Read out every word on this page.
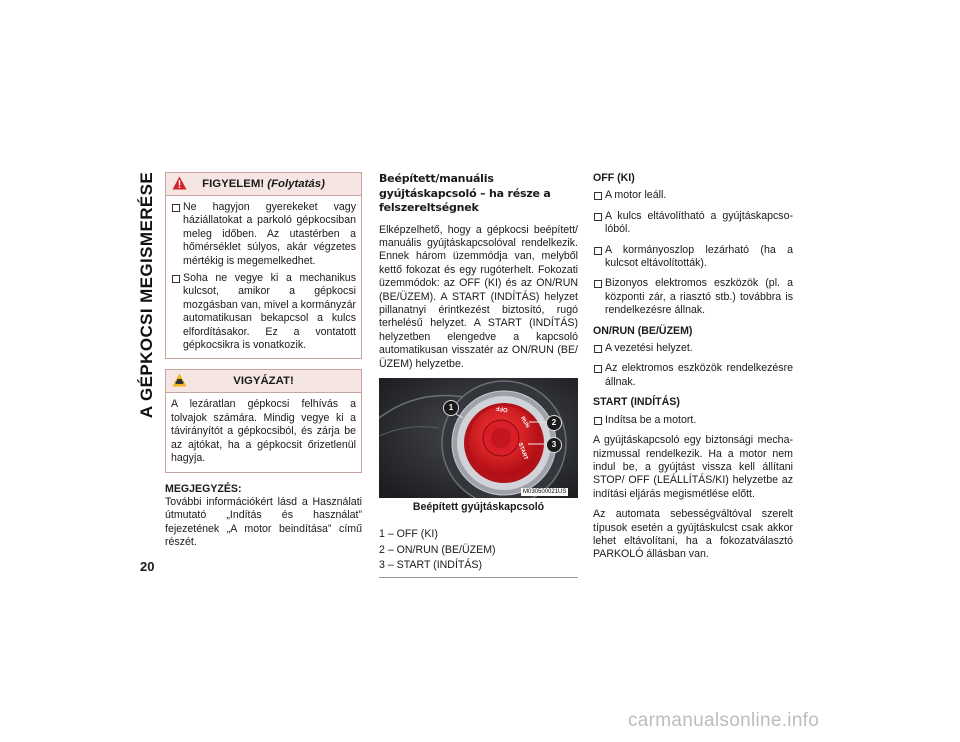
A GÉPKOCSI MEGISMERÉSE
20
FIGYELEM! (Folytatás)
Ne hagyjon gyerekeket vagy háziállatokat a parkoló gépkocsiban meleg időben. Az utastérben a hőmérséklet súlyos, akár végzetes mértékig is megemelkedhet.
Soha ne vegye ki a mechanikus kulcsot, amikor a gépkocsi mozgásban van, mivel a kormányzár automatikusan bekapcsol a kulcs elfordításakor. Ez a vontatott gépkocsikra is vonatkozik.
VIGYÁZAT!

A lezáratlan gépkocsi felhívás a tolvajok számára. Mindig vegye ki a távirányítót a gépkocsiból, és zárja be az ajtókat, ha a gépkocsit őrizetlenül hagyja.

MEGJEGYZÉS:

További információkért lásd a Használati útmutató „Indítás és használat” fejezetének „A motor beindítása” című részét.

Beépített/manuális gyújtáskapcsoló – ha része a felszereltségnek

Elképzelhető, hogy a gépkocsi beépített/ manuális gyújtáskapcsolóval rendelkezik. Ennek három üzemmódja van, melyből kettő fokozat és egy rugóterhelt. Fokozati üzemmódok: az OFF (KI) és az ON/RUN (BE/ÜZEM). A START (INDÍTÁS) helyzet pillanatnyi érintkezést biztosító, rugó terhelésű helyzet. A START (INDÍTÁS) helyzetben elengedve a kapcsoló automatikusan visszatér az ON/RUN (BE/ ÜZEM) helyzetbe.

1
2
3
OFF
RUN
START
M030500021US
Beépített gyújtáskapcsoló
1 – OFF (KI)
2 – ON/RUN (BE/ÜZEM)
3 – START (INDÍTÁS)
OFF (KI)
A motor leáll.
A kulcs eltávolítható a gyújtáskapcsolóból.
A kormányoszlop lezárható (ha a kulcsot eltávolították).
Bizonyos elektromos eszközök (pl. a központi zár, a riasztó stb.) továbbra is rendelkezésre állnak.
ON/RUN (BE/ÜZEM)
A vezetési helyzet.
Az elektromos eszközök rendelkezésre állnak.
START (INDÍTÁS)
Indítsa be a motort.

A gyújtáskapcsoló egy biztonsági mechanizmussal rendelkezik. Ha a motor nem indul be, a gyújtást vissza kell állítani STOP/ OFF (LEÁLLÍTÁS/KI) helyzetbe az indítási eljárás megismétlése előtt.

Az automata sebességváltóval szerelt típusok esetén a gyújtáskulcst csak akkor lehet eltávolítani, ha a fokozatválasztó PARKOLÓ állásban van.

carmanualsonline.info
